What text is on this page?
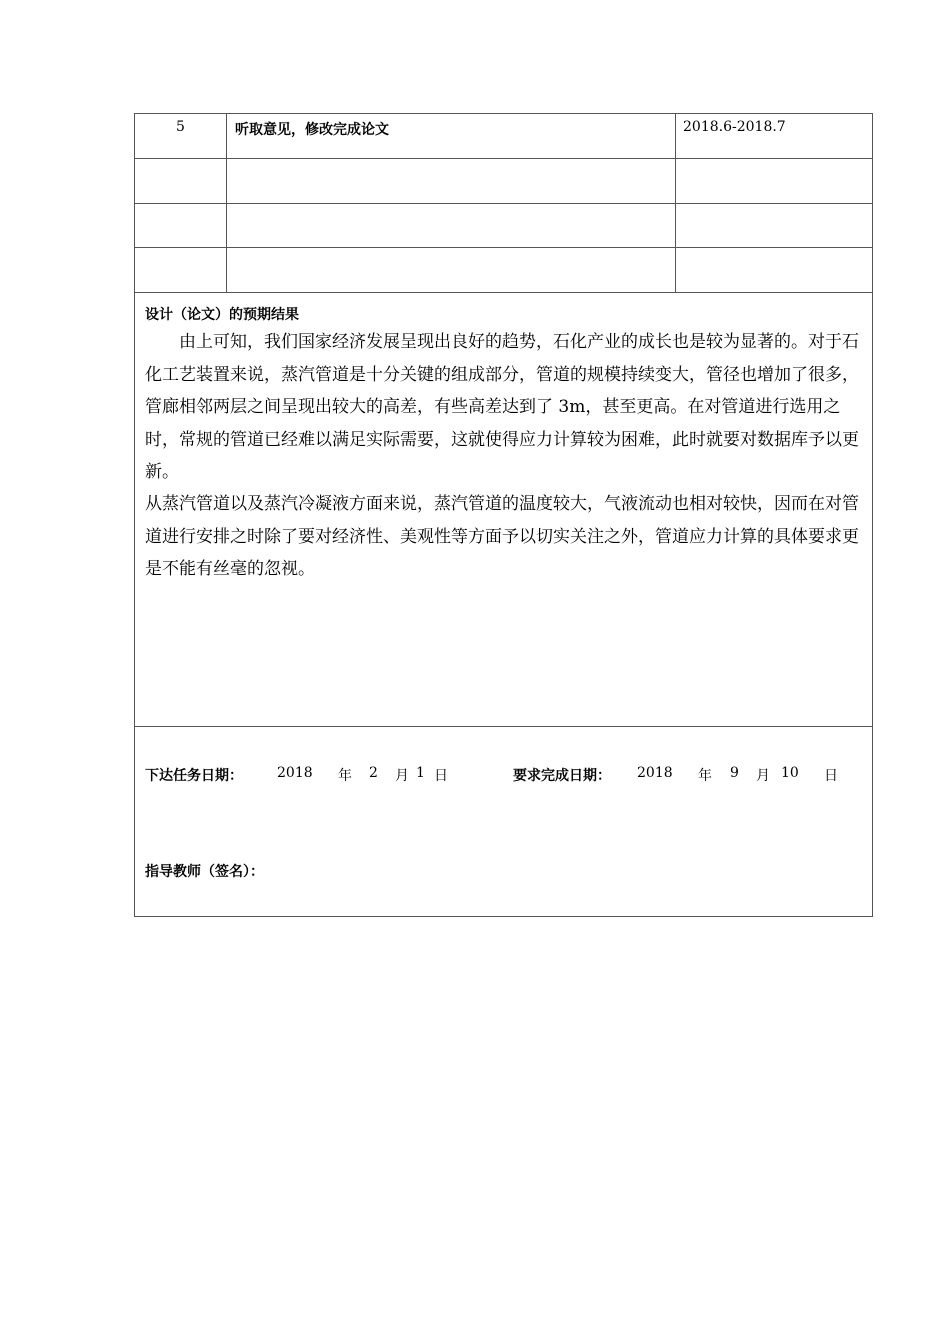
5	听取意见，修改完成论文	2018.6-2018.7
设计（论文）的预期结果
由上可知，我们国家经济发展呈现出良好的趋势，石化产业的成长也是较为显著的。对于石化工艺装置来说，蒸汽管道是十分关键的组成部分，管道的规模持续变大，管径也增加了很多，管廊相邻两层之间呈现出较大的高差，有些高差达到了 3m，甚至更高。在对管道进行选用之时，常规的管道已经难以满足实际需要，这就使得应力计算较为困难，此时就要对数据库予以更新。
从蒸汽管道以及蒸汽冷凝液方面来说，蒸汽管道的温度较大，气液流动也相对较快，因而在对管道进行安排之时除了要对经济性、美观性等方面予以切实关注之外，管道应力计算的具体要求更是不能有丝毫的忽视。
下达任务日期： 2018 年 2 月 1 日	要求完成日期： 2018 年 9 月 10 日
指导教师（签名）：
